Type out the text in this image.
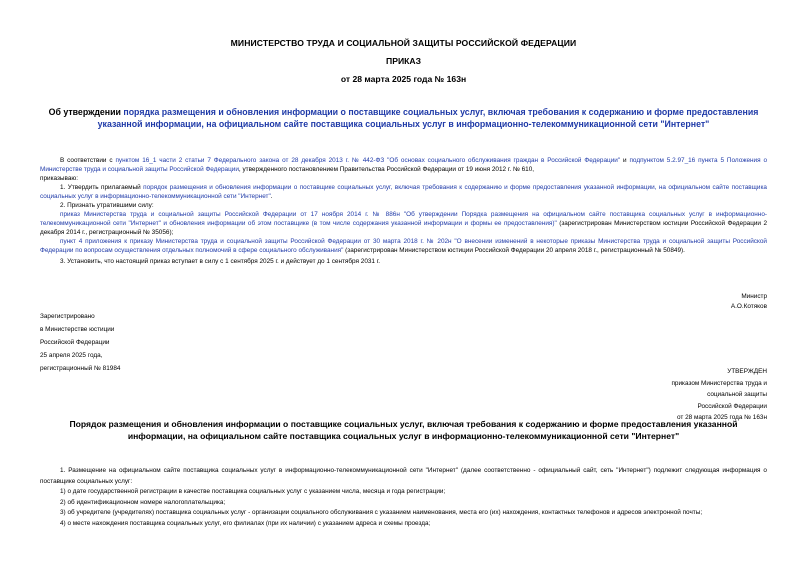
МИНИСТЕРСТВО ТРУДА И СОЦИАЛЬНОЙ ЗАЩИТЫ РОССИЙСКОЙ ФЕДЕРАЦИИ
ПРИКАЗ
от 28 марта 2025 года № 163н
Об утверждении порядка размещения и обновления информации о поставщике социальных услуг, включая требования к содержанию и форме предоставления указанной информации, на официальном сайте поставщика социальных услуг в информационно-телекоммуникационной сети "Интернет"

В соответствии с пунктом 16_1 части 2 статьи 7 Федерального закона от 28 декабря 2013 г. № 442-ФЗ "Об основах социального обслуживания граждан в Российской Федерации" и подпунктом 5.2.97_16 пункта 5 Положения о Министерстве труда и социальной защиты Российской Федерации, утвержденного постановлением Правительства Российской Федерации от 19 июня 2012 г. № 610,

приказываю:

1. Утвердить прилагаемый порядок размещения и обновления информации о поставщике социальных услуг, включая требования к содержанию и форме предоставления указанной информации, на официальном сайте поставщика социальных услуг в информационно-телекоммуникационной сети "Интернет".

2. Признать утратившими силу:

приказ Министерства труда и социальной защиты Российской Федерации от 17 ноября 2014 г. № 886н "Об утверждении Порядка размещения на официальном сайте поставщика социальных услуг в информационно-телекоммуникационной сети "Интернет" и обновления информации об этом поставщике (в том числе содержания указанной информации и формы ее предоставления)" (зарегистрирован Министерством юстиции Российской Федерации 2 декабря 2014 г., регистрационный № 35056);

пункт 4 приложения к приказу Министерства труда и социальной защиты Российской Федерации от 30 марта 2018 г. № 202н "О внесении изменений в некоторые приказы Министерства труда и социальной защиты Российской Федерации по вопросам осуществления отдельных полномочий в сфере социального обслуживания" (зарегистрирован Министерством юстиции Российской Федерации 20 апреля 2018 г., регистрационный № 50849).

3. Установить, что настоящий приказ вступает в силу с 1 сентября 2025 г. и действует до 1 сентября 2031 г.

Министр
А.О.Котяков
Зарегистрировано
в Министерстве юстиции
Российской Федерации
25 апреля 2025 года,
регистрационный № 81984	УТВЕРЖДЕН
приказом Министерства труда и
социальной защиты
Российской Федерации
от 28 марта 2025 года № 163н
Порядок размещения и обновления информации о поставщике социальных услуг, включая требования к содержанию и форме предоставления указанной информации, на официальном сайте поставщика социальных услуг в информационно-телекоммуникационной сети "Интернет"

1. Размещение на официальном сайте поставщика социальных услуг в информационно-телекоммуникационной сети "Интернет" (далее соответственно - официальный сайт, сеть "Интернет") подлежит следующая информация о поставщике социальных услуг:

1) о дате государственной регистрации в качестве поставщика социальных услуг с указанием числа, месяца и года регистрации;

2) об идентификационном номере налогоплательщика;

3) об учредителе (учредителях) поставщика социальных услуг - организации социального обслуживания с указанием наименования, места его (их) нахождения, контактных телефонов и адресов электронной почты;

4) о месте нахождения поставщика социальных услуг, его филиалах (при их наличии) с указанием адреса и схемы проезда;
